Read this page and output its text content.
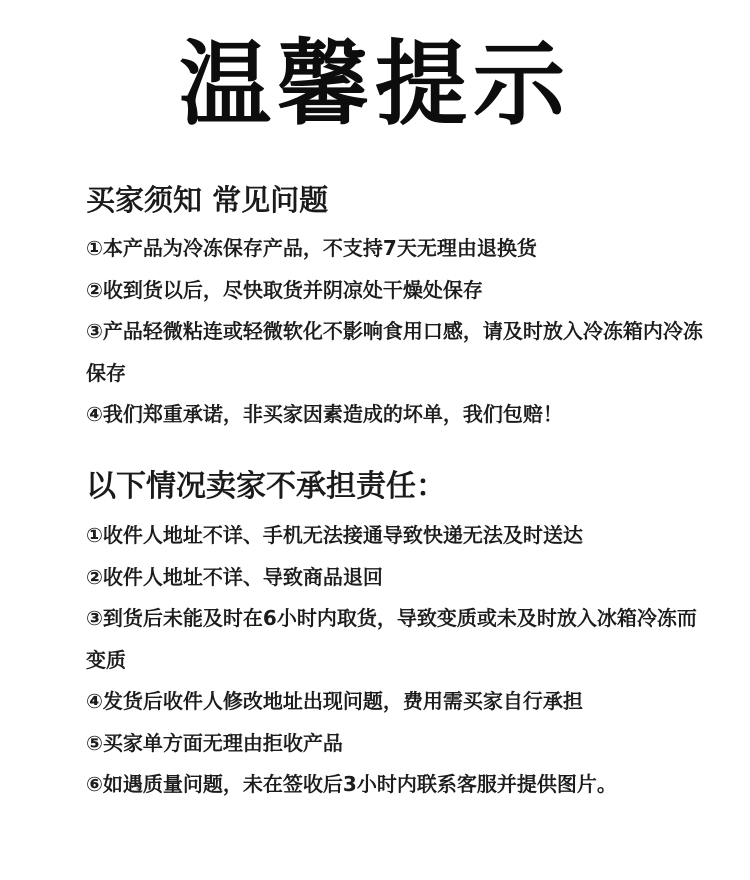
温馨提示
买家须知 常见问题
①本产品为冷冻保存产品，不支持7天无理由退换货
②收到货以后，尽快取货并阴凉处干燥处保存
③产品轻微粘连或轻微软化不影响食用口感，请及时放入冷冻箱内冷冻保存
④我们郑重承诺，非买家因素造成的坏单，我们包赔！
以下情况卖家不承担责任：
①收件人地址不详、手机无法接通导致快递无法及时送达
②收件人地址不详、导致商品退回
③到货后未能及时在6小时内取货，导致变质或未及时放入冰箱冷冻而变质
④发货后收件人修改地址出现问题，费用需买家自行承担
⑤买家单方面无理由拒收产品
⑥如遇质量问题，未在签收后3小时内联系客服并提供图片。
